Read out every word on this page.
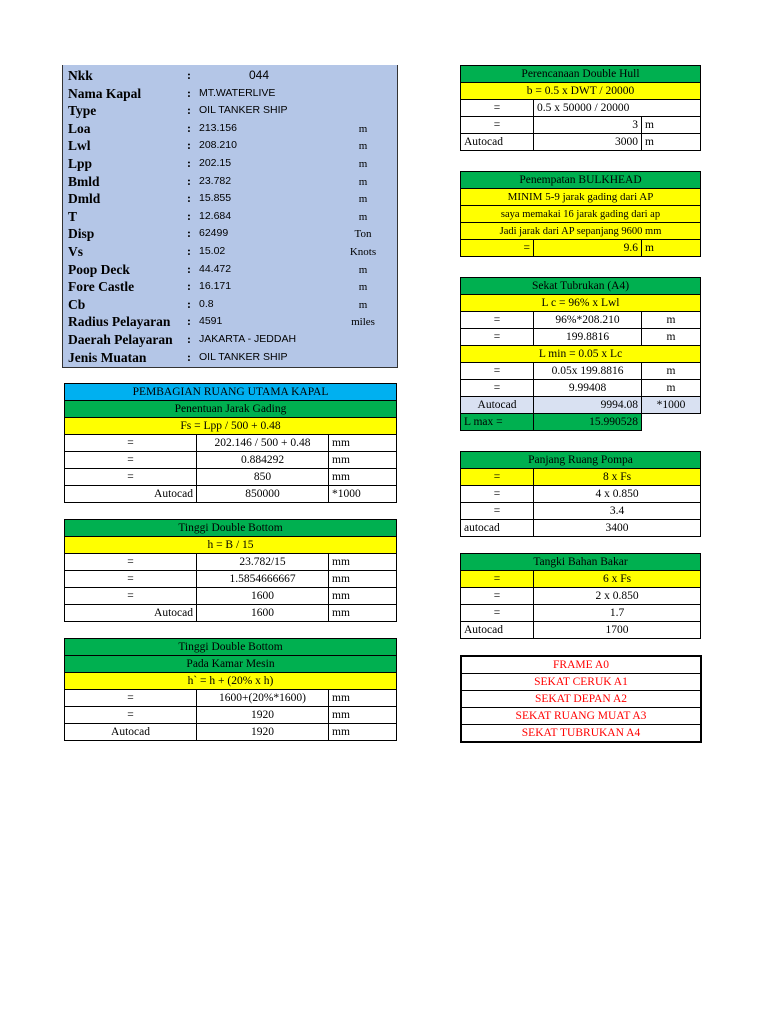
Nkk	:	044
Nama Kapal	: MT.WATERLIVE
Type	: OIL TANKER SHIP
Loa	: 213.156	m
Lwl	: 208.210	m
Lpp	: 202.15	m
Bmld	: 23.782	m
Dmld	: 15.855	m
T	: 12.684	m
Disp	: 62499	Ton
Vs	: 15.02	Knots
Poop Deck	: 44.472	m
Fore Castle	: 16.171	m
Cb	: 0.8	m
Radius Pelayaran : 4591	miles
Daerah Pelayaran : JAKARTA - JEDDAH
Jenis Muatan	: OIL TANKER SHIP
PEMBAGIAN RUANG UTAMA KAPAL		
Penentuan Jarak Gading		
Fs = Lpp / 500 + 0.48		
=	202.146 / 500 + 0.48	mm
=	0.884292	mm
=	850	mm
Autocad	850000	*1000
Tinggi Double Bottom		
h = B / 15		
=	23.782/15	mm
=	1.5854666667	mm
=	1600	mm
Autocad	1600	mm
Tinggi Double Bottom		
Pada Kamar Mesin		
h` = h + (20% x h)		
=	1600+(20%*1600)	mm
=	1920	mm
Autocad	1920	mm
Perencanaan Double Hull		
b = 0.5 x DWT / 20000		
=	0.5 x 50000 / 20000	
=	3	m
Autocad	3000	m
Penempatan BULKHEAD
MINIM 5-9 jarak gading dari AP
saya memakai 16 jarak gading dari ap
Jadi jarak dari AP sepanjang 9600 mm
=	9.6	m
Sekat Tubrukan (A4)		
L c = 96% x Lwl		
=	96%*208.210	m
=	199.8816	m
L min = 0.05 x Lc		
=	0.05x 199.8816	m
=	9.99408	m
Autocad	9994.08	*1000
L max =	15.990528	
Panjang Ruang Pompa	
=	8 x Fs
=	4 x 0.850
=	3.4
autocad	3400
Tangki Bahan Bakar	
=	6 x Fs
=	2 x 0.850
=	1.7
Autocad	1700
FRAME A0
SEKAT CERUK A1
SEKAT DEPAN A2
SEKAT RUANG MUAT A3
SEKAT TUBRUKAN A4
